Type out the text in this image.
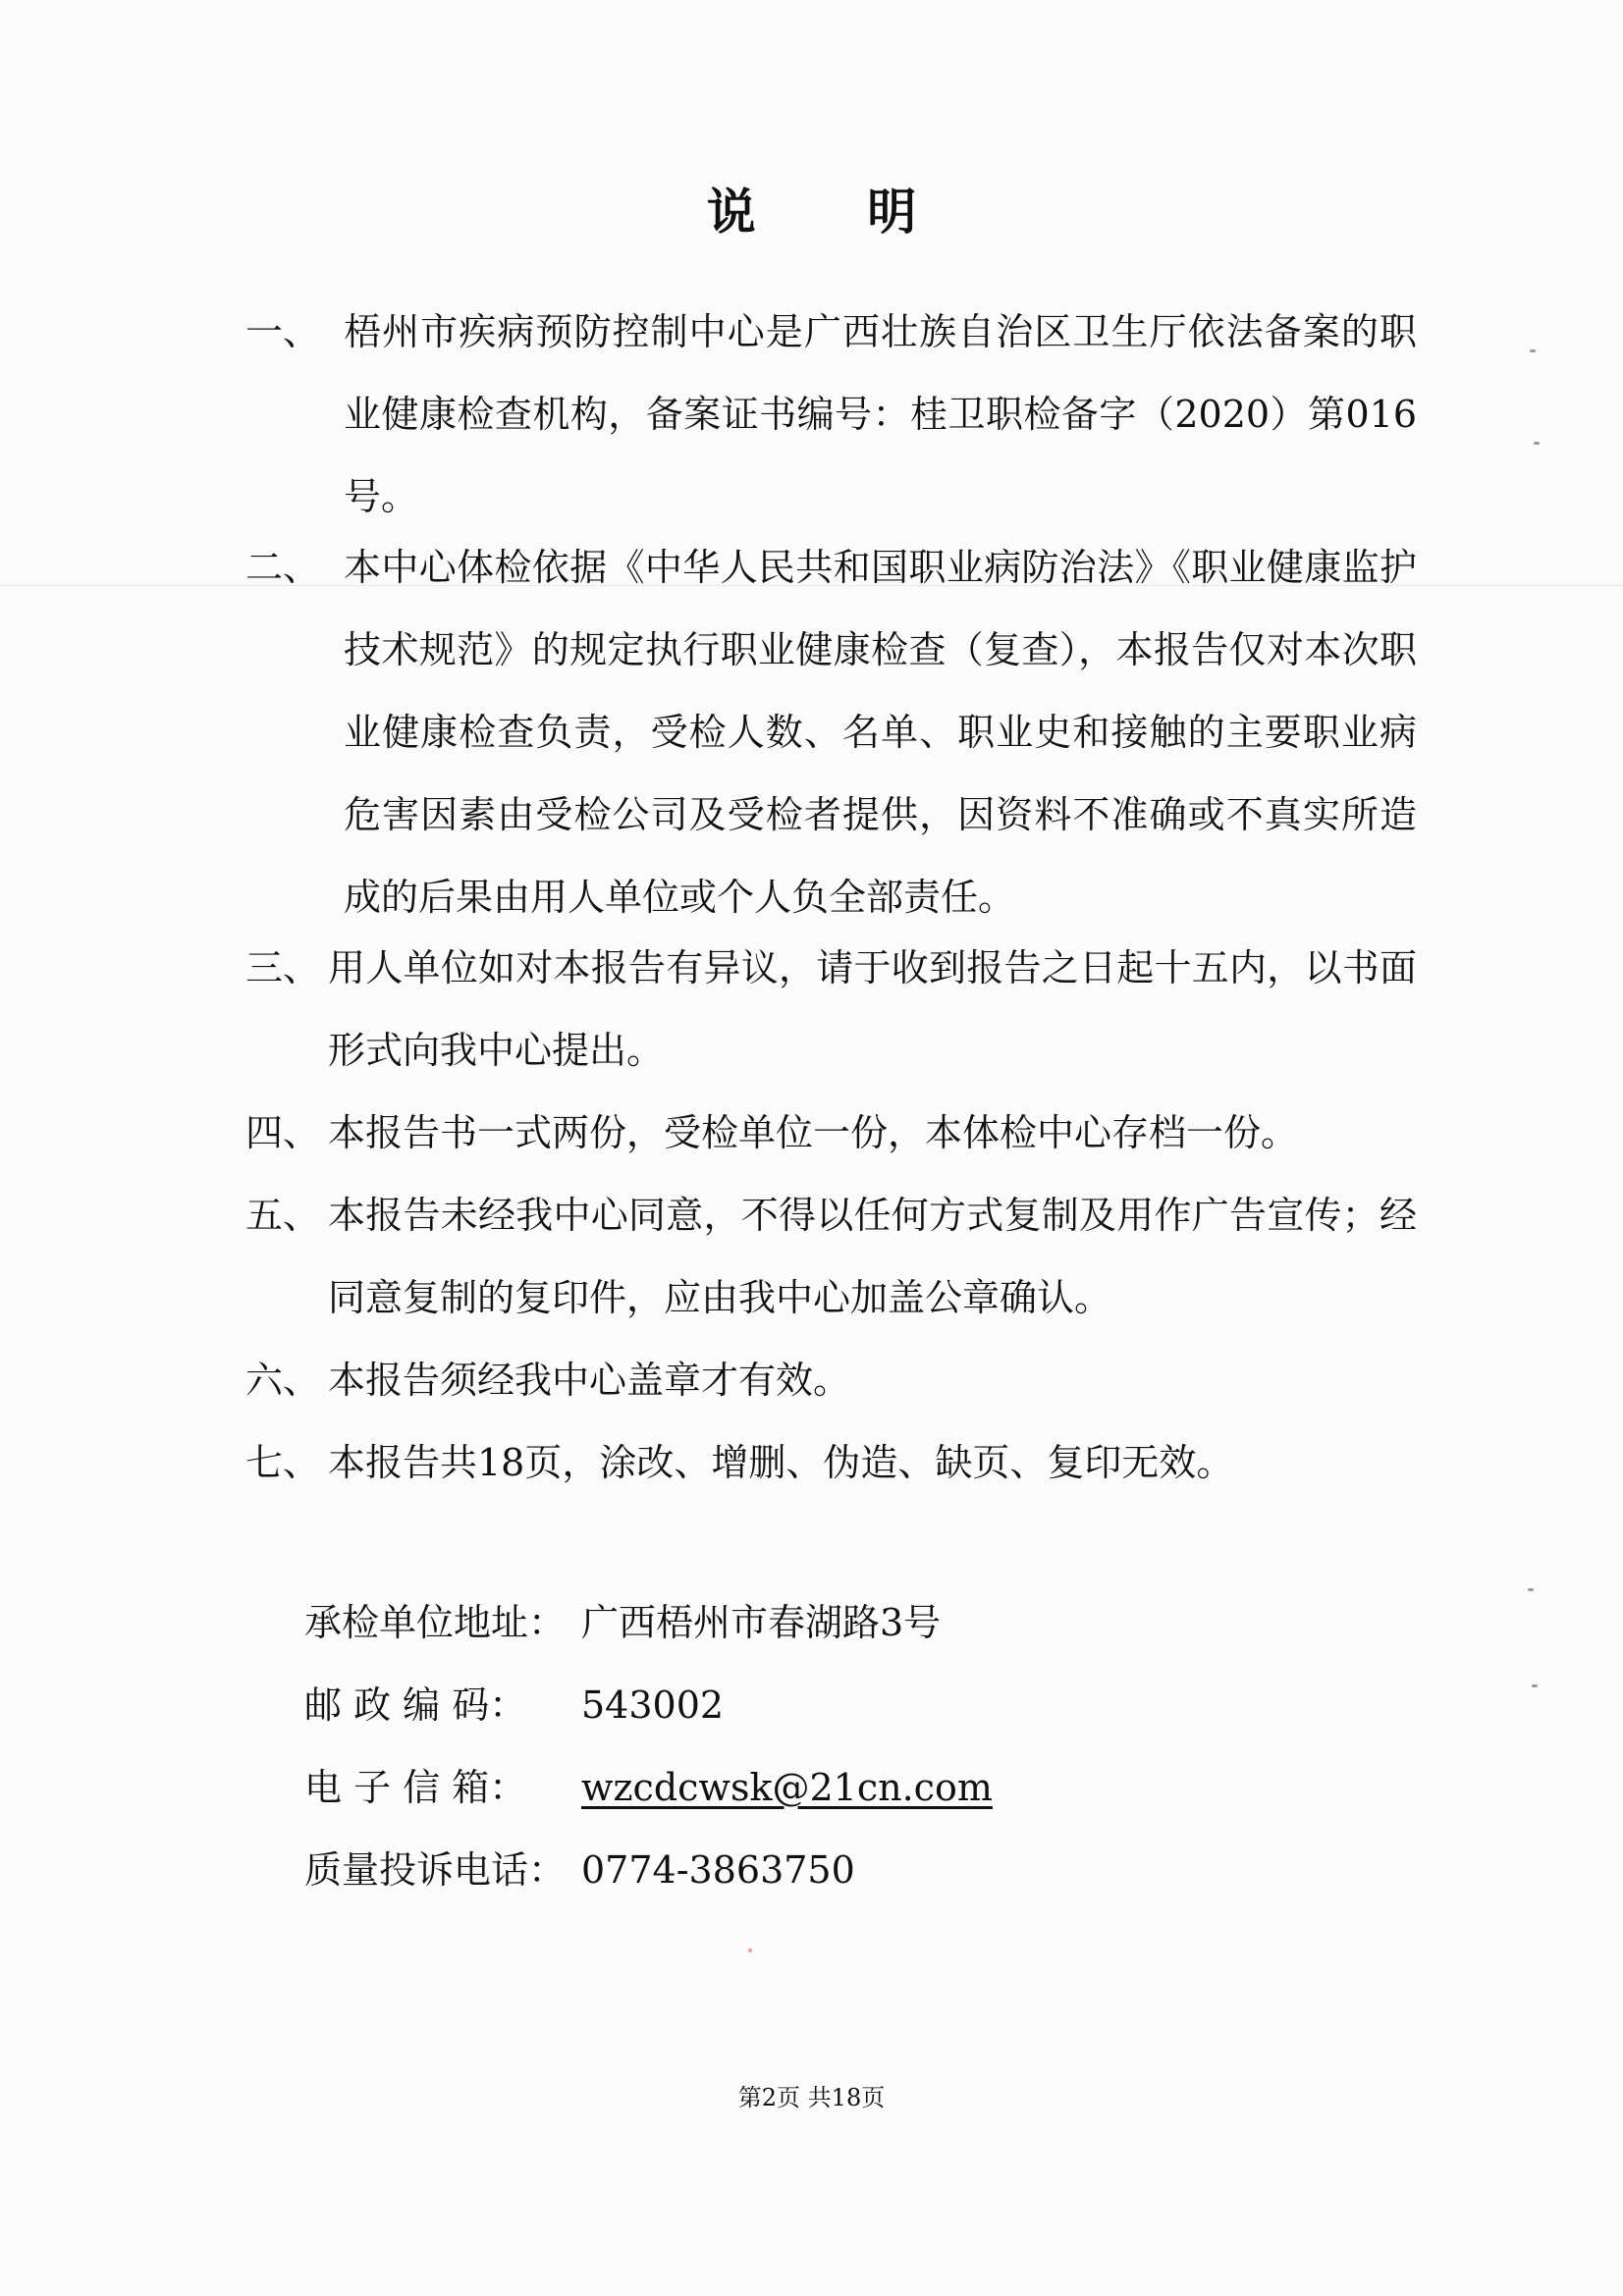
说 明
一、 梧州市疾病预防控制中心是广西壮族自治区卫生厅依法备案的职业健康检查机构，备案证书编号：桂卫职检备字（2020）第016号。
二、 本中心体检依据《中华人民共和国职业病防治法》《职业健康监护技术规范》的规定执行职业健康检查（复查），本报告仅对本次职业健康检查负责，受检人数、名单、职业史和接触的主要职业病危害因素由受检公司及受检者提供，因资料不准确或不真实所造成的后果由用人单位或个人负全部责任。
三、 用人单位如对本报告有异议，请于收到报告之日起十五内，以书面形式向我中心提出。
四、 本报告书一式两份，受检单位一份，本体检中心存档一份。
五、 本报告未经我中心同意，不得以任何方式复制及用作广告宣传；经同意复制的复印件，应由我中心加盖公章确认。
六、 本报告须经我中心盖章才有效。
七、 本报告共18页，涂改、增删、伪造、缺页、复印无效。
承检单位地址： 广西梧州市春湖路3号
邮 政 编 码： 543002
电 子 信 箱： wzcdcwsk@21cn.com
质量投诉电话： 0774-3863750
第2页 共18页
